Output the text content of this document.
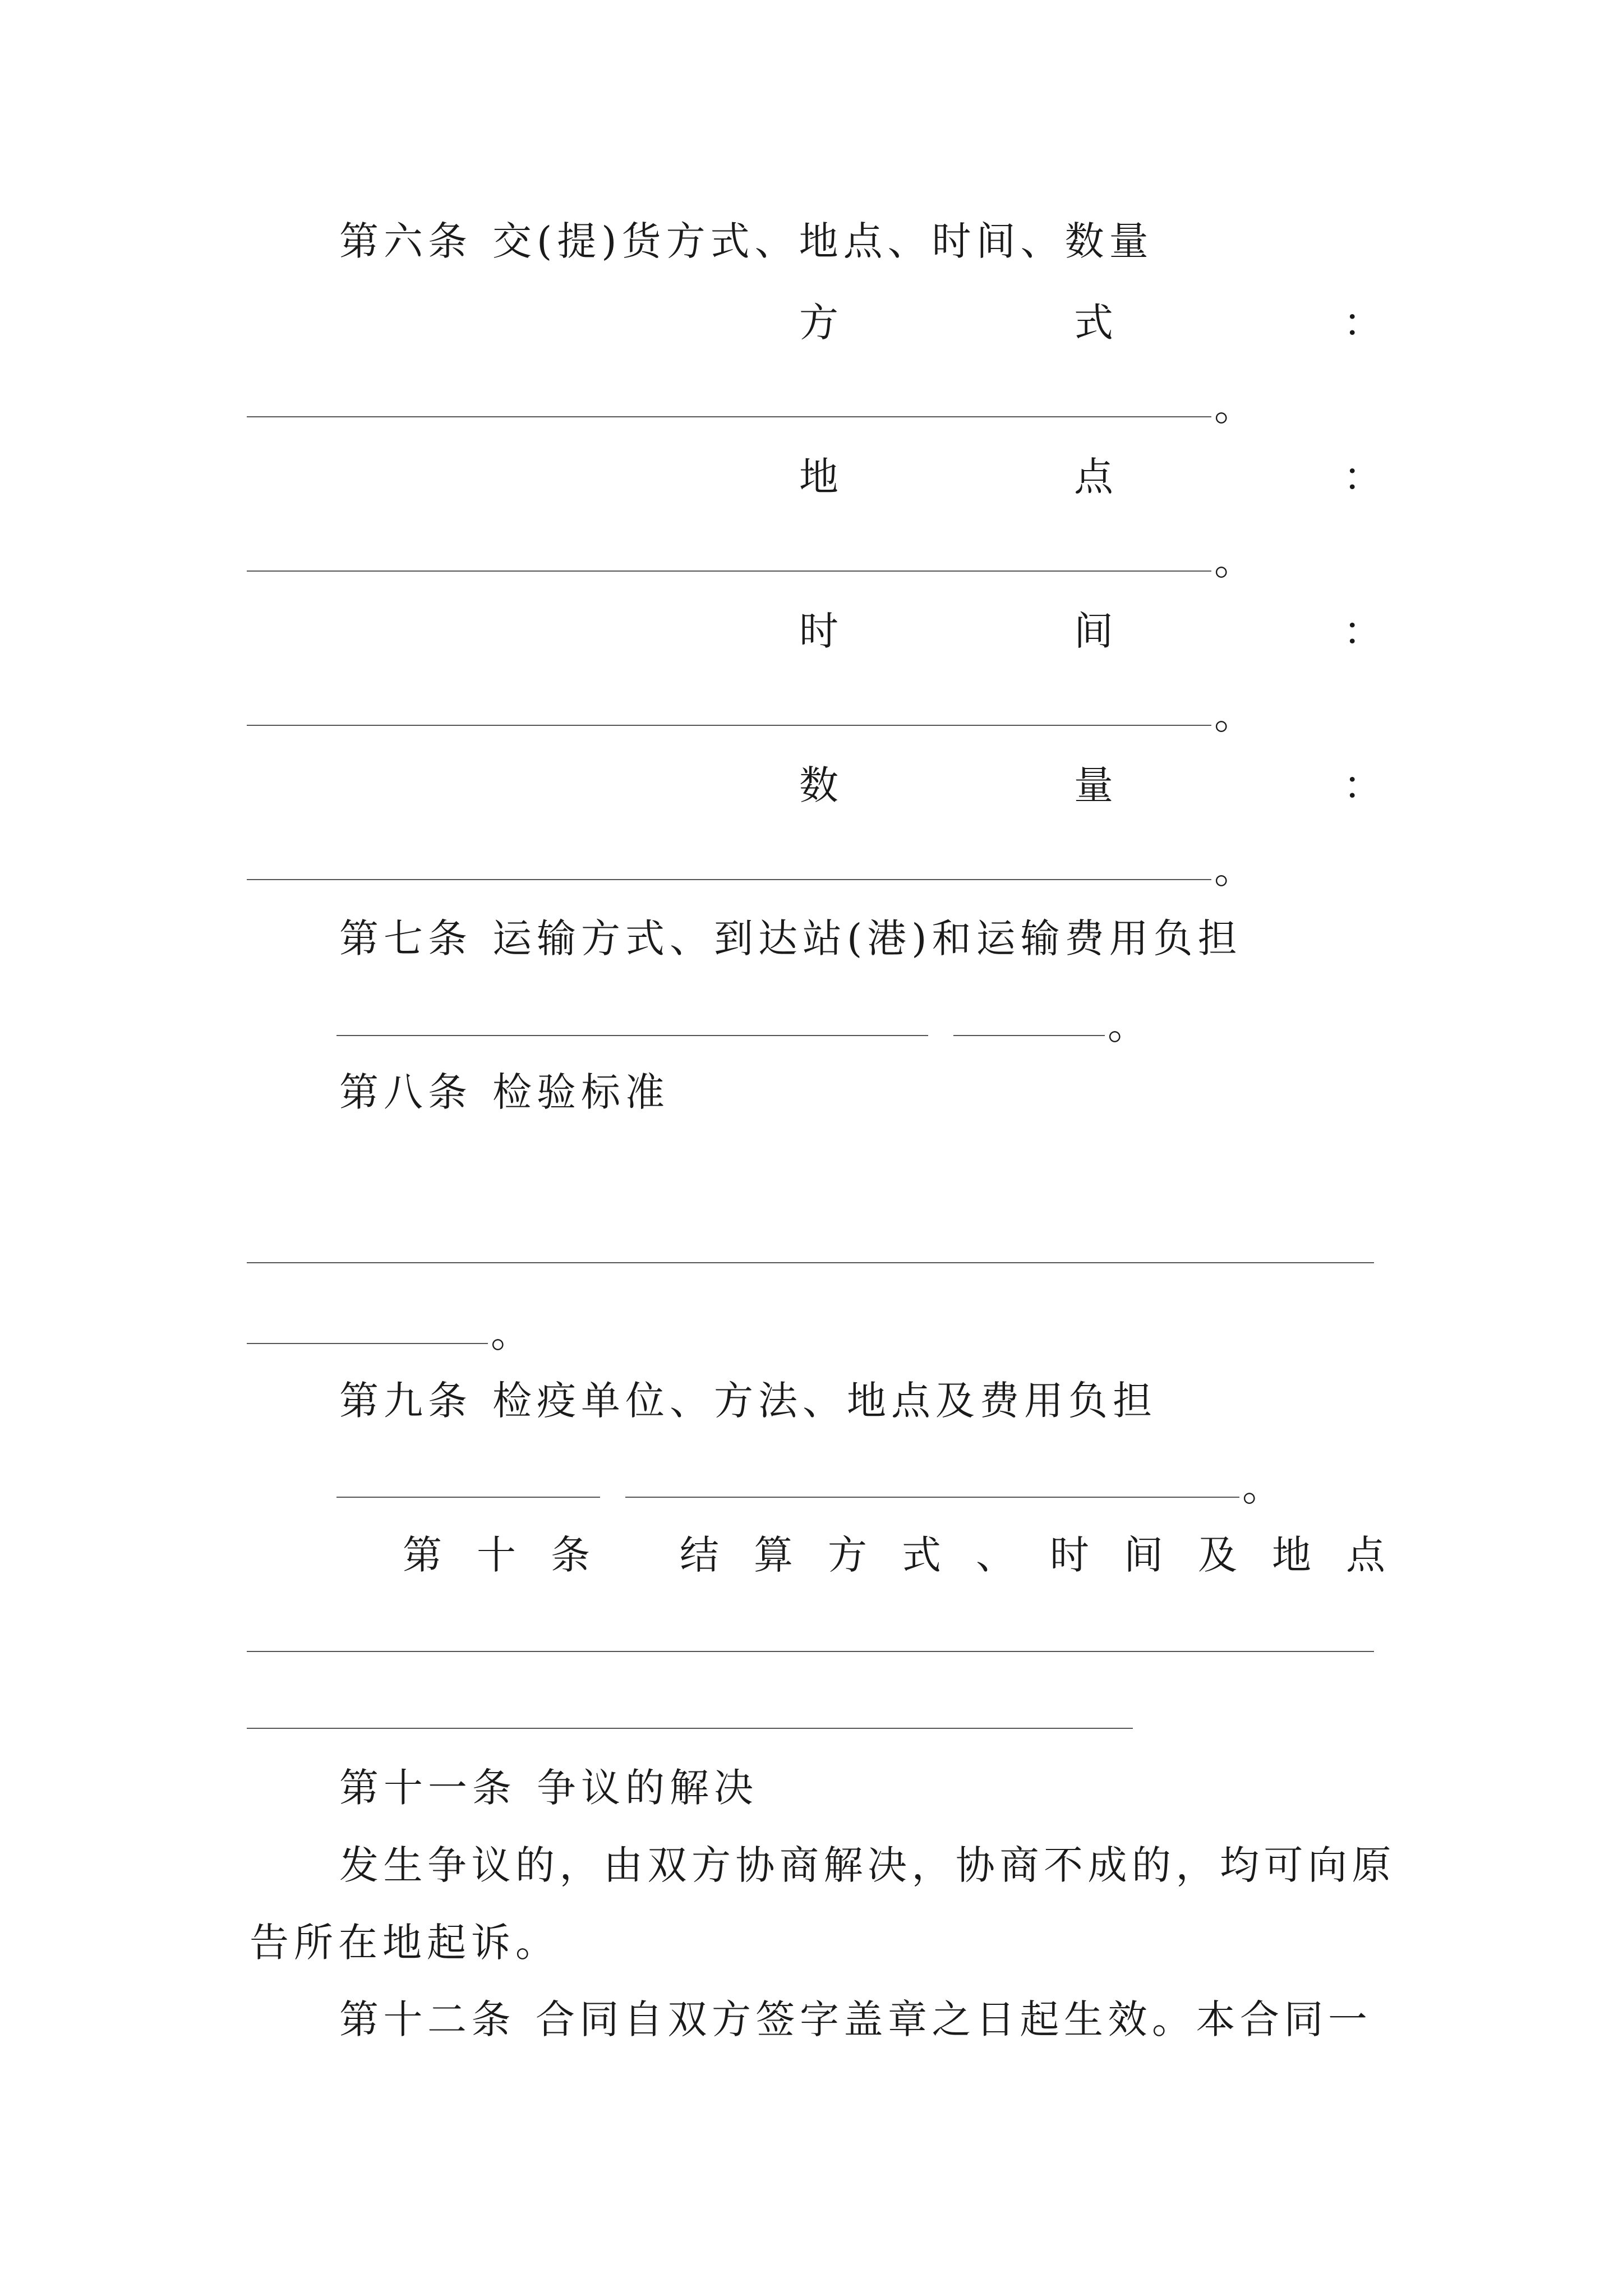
第六条 交(提)货方式、地点、时间、数量
方	式	：
。
地	点	：
。
时	间	：
。
数	量	：
。
第七条 运输方式、到达站(港)和运输费用负担
。
第八条 检验标准
。
第九条 检疫单位、方法、地点及费用负担
。
第 十 条 结 算 方 式 、 时 间 及 地 点
第十一条 争议的解决
发生争议的，由双方协商解决，协商不成的，均可向原
告所在地起诉。
第十二条 合同自双方签字盖章之日起生效。本合同一
